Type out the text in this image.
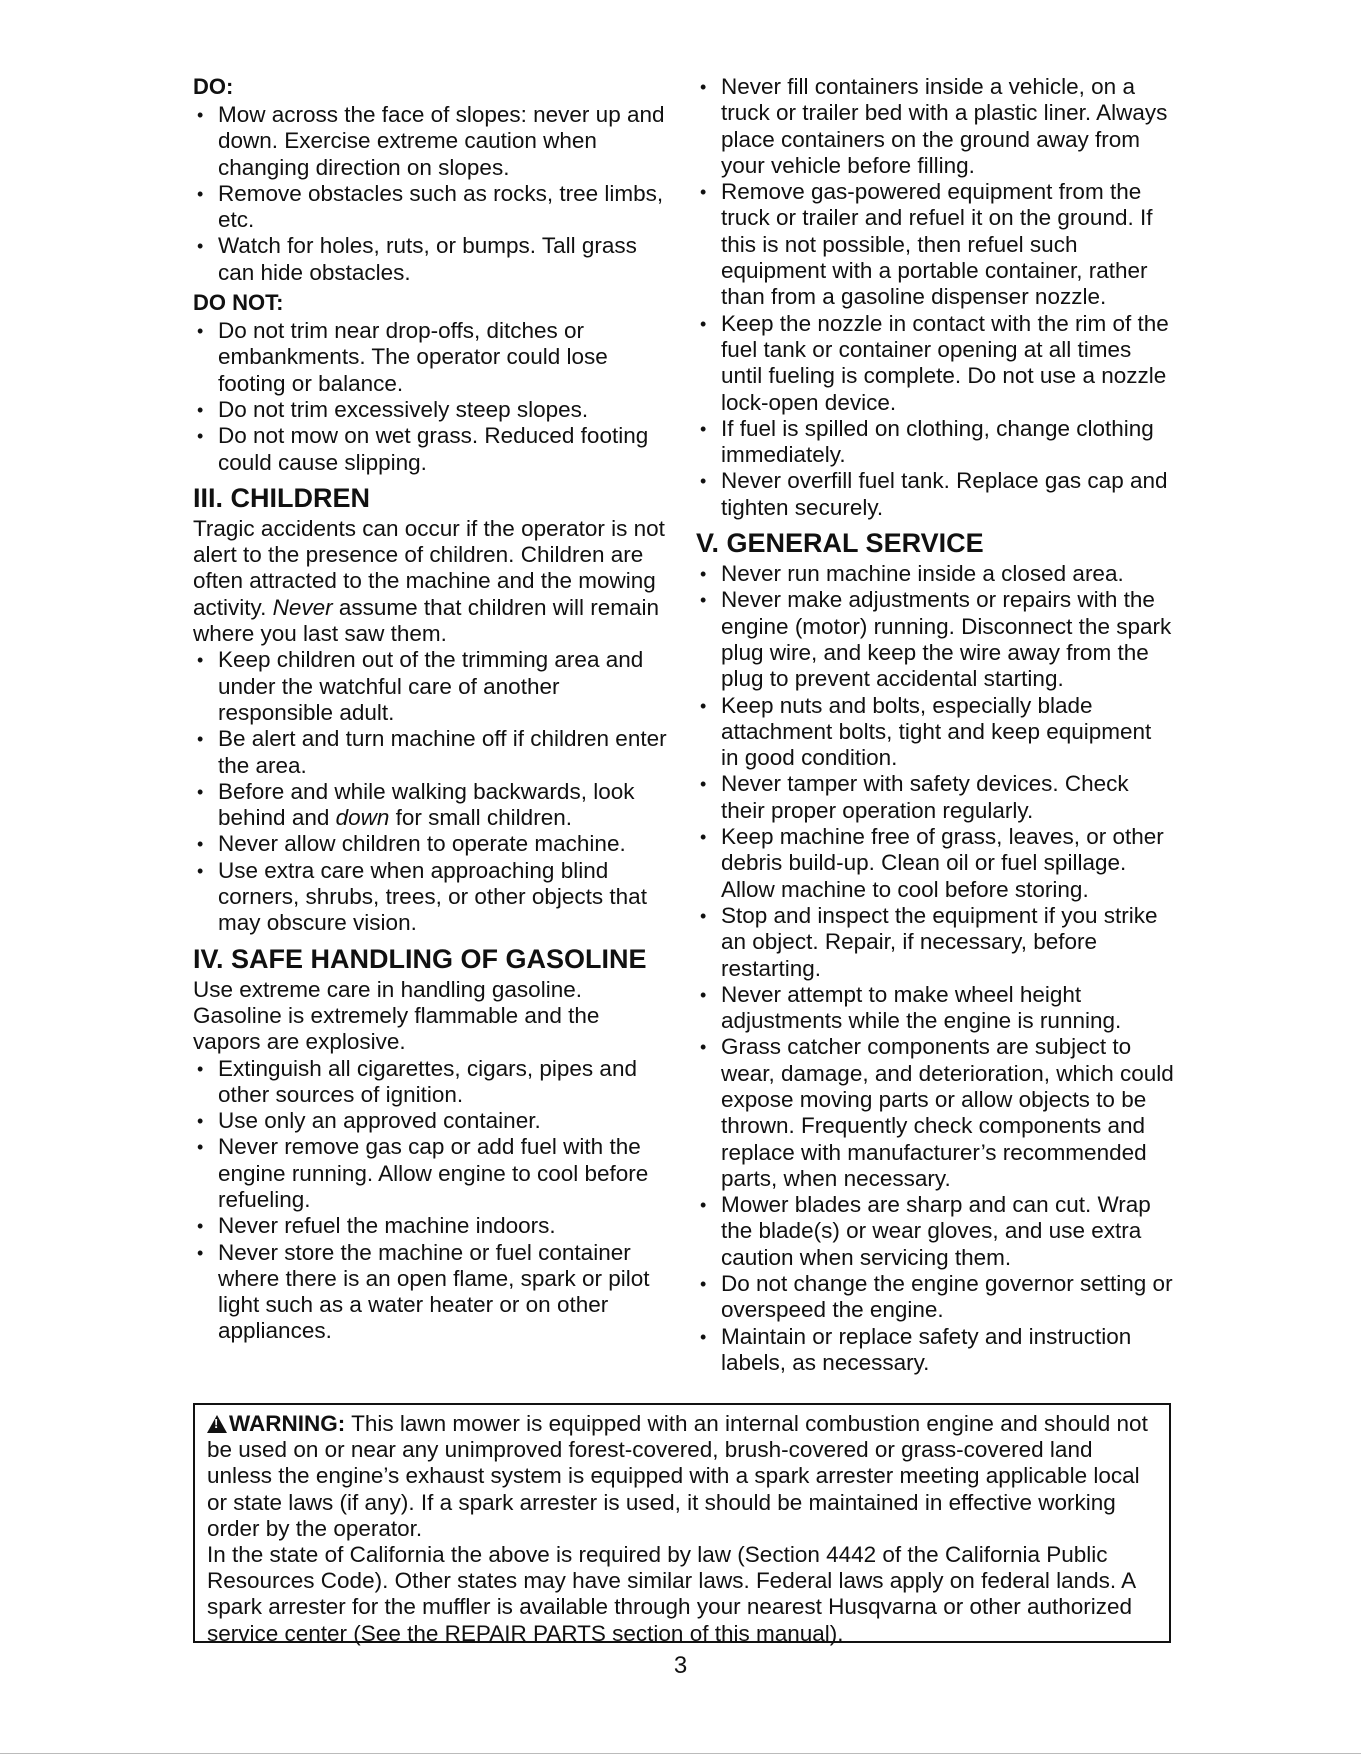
DO:
• Mow across the face of slopes: never up and down. Exercise extreme caution when changing direction on slopes.
• Remove obstacles such as rocks, tree limbs, etc.
• Watch for holes, ruts, or bumps. Tall grass can hide obstacles.
DO NOT:
• Do not trim near drop-offs, ditches or embankments. The operator could lose footing or balance.
• Do not trim excessively steep slopes.
• Do not mow on wet grass. Reduced footing could cause slipping.
III. CHILDREN

Tragic accidents can occur if the operator is not alert to the presence of children. Children are often attracted to the machine and the mowing activity. Never assume that children will remain where you last saw them.

• Keep children out of the trimming area and under the watchful care of another responsible adult.
• Be alert and turn machine off if children enter the area.
• Before and while walking backwards, look behind and down for small children.
• Never allow children to operate machine.
• Use extra care when approaching blind corners, shrubs, trees, or other objects that may obscure vision.
IV. SAFE HANDLING OF GASOLINE

Use extreme care in handling gasoline. Gasoline is extremely flammable and the vapors are explosive.

• Extinguish all cigarettes, cigars, pipes and other sources of ignition.
• Use only an approved container.
• Never remove gas cap or add fuel with the engine running. Allow engine to cool before refueling.
• Never refuel the machine indoors.
• Never store the machine or fuel container where there is an open flame, spark or pilot light such as a water heater or on other appliances.
• Never fill containers inside a vehicle, on a truck or trailer bed with a plastic liner. Always place containers on the ground away from your vehicle before filling.
• Remove gas-powered equipment from the truck or trailer and refuel it on the ground. If this is not possible, then refuel such equipment with a portable container, rather than from a gasoline dispenser nozzle.
• Keep the nozzle in contact with the rim of the fuel tank or container opening at all times until fueling is complete. Do not use a nozzle lock-open device.
• If fuel is spilled on clothing, change clothing immediately.
• Never overfill fuel tank. Replace gas cap and tighten securely.
V. GENERAL SERVICE
• Never run machine inside a closed area.
• Never make adjustments or repairs with the engine (motor) running. Disconnect the spark plug wire, and keep the wire away from the plug to prevent accidental starting.
• Keep nuts and bolts, especially blade attachment bolts, tight and keep equipment in good condition.
• Never tamper with safety devices. Check their proper operation regularly.
• Keep machine free of grass, leaves, or other debris build-up. Clean oil or fuel spillage. Allow machine to cool before storing.
• Stop and inspect the equipment if you strike an object. Repair, if necessary, before restarting.
• Never attempt to make wheel height adjustments while the engine is running.
• Grass catcher components are subject to wear, damage, and deterioration, which could expose moving parts or allow objects to be thrown. Frequently check components and replace with manufacturer’s recommended parts, when necessary.
• Mower blades are sharp and can cut. Wrap the blade(s) or wear gloves, and use extra caution when servicing them.
• Do not change the engine governor setting or overspeed the engine.
• Maintain or replace safety and instruction labels, as necessary.

!WARNING: This lawn mower is equipped with an internal combustion engine and should not be used on or near any unimproved forest-covered, brush-covered or grass-covered land unless the engine’s exhaust system is equipped with a spark arrester meeting applicable local or state laws (if any). If a spark arrester is used, it should be maintained in effective working order by the operator.

In the state of California the above is required by law (Section 4442 of the California Public Resources Code). Other states may have similar laws. Federal laws apply on federal lands. A spark arrester for the muffler is available through your nearest Husqvarna or other authorized service center (See the REPAIR PARTS section of this manual).

3
